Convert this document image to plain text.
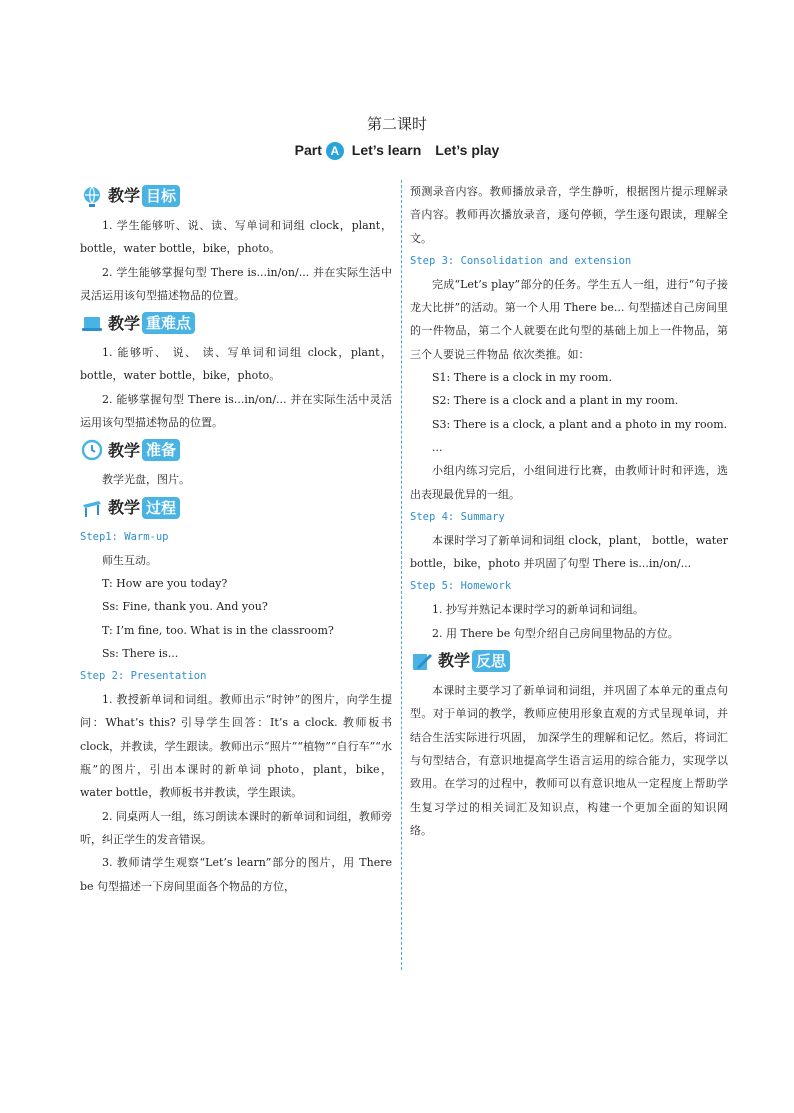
第二课时
Part A Let’s learn Let’s play
教学 目标

1. 学生能够听、说、读、写单词和词组 clock，plant，bottle，water bottle，bike，photo。

2. 学生能够掌握句型 There is...in/on/... 并在实际生活中灵活运用该句型描述物品的位置。

教学 重难点

1. 能够听、 说、 读、写单词和词组 clock，plant，bottle，water bottle，bike，photo。

2. 能够掌握句型 There is...in/on/... 并在实际生活中灵活运用该句型描述物品的位置。

教学 准备

教学光盘，图片。

教学 过程
Step1: Warm-up

师生互动。

T: How are you today?

Ss: Fine, thank you. And you?

T: I’m fine, too. What is in the classroom?

Ss: There is...

Step 2: Presentation

1. 教授新单词和词组。教师出示“时钟”的图片，向学生提问：What’s this? 引导学生回答：It’s a clock. 教师板书 clock，并教读，学生跟读。教师出示“照片”“植物”“自行车”“水瓶”的图片，引出本课时的新单词 photo，plant，bike，water bottle，教师板书并教读，学生跟读。

2. 同桌两人一组，练习朗读本课时的新单词和词组，教师旁听，纠正学生的发音错误。

3. 教师请学生观察“Let’s learn”部分的图片，用 There be 句型描述一下房间里面各个物品的方位，

预测录音内容。教师播放录音，学生静听，根据图片提示理解录音内容。教师再次播放录音，逐句停顿，学生逐句跟读，理解全文。

Step 3: Consolidation and extension

完成“Let’s play”部分的任务。学生五人一组，进行“句子接龙大比拼”的活动。第一个人用 There be... 句型描述自己房间里的一件物品，第二个人就要在此句型的基础上加上一件物品，第三个人要说三件物品 依次类推。如：

S1: There is a clock in my room.

S2: There is a clock and a plant in my room.

S3: There is a clock, a plant and a photo in my room.

...

小组内练习完后，小组间进行比赛，由教师计时和评选，选出表现最优异的一组。

Step 4: Summary

本课时学习了新单词和词组 clock，plant， bottle，water bottle，bike，photo 并巩固了句型 There is...in/on/...

Step 5: Homework

1. 抄写并熟记本课时学习的新单词和词组。

2. 用 There be 句型介绍自己房间里物品的方位。

教学 反思

本课时主要学习了新单词和词组，并巩固了本单元的重点句型。对于单词的教学，教师应使用形象直观的方式呈现单词，并结合生活实际进行巩固， 加深学生的理解和记忆。然后，将词汇与句型结合，有意识地提高学生语言运用的综合能力，实现学以致用。在学习的过程中，教师可以有意识地从一定程度上帮助学生复习学过的相关词汇及知识点，构建一个更加全面的知识网络。
